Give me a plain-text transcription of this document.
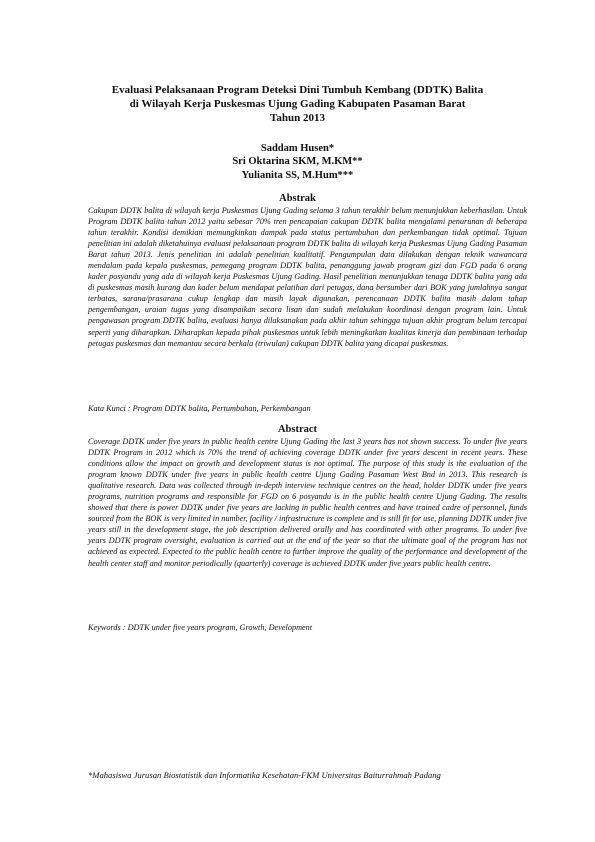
Evaluasi Pelaksanaan Program Deteksi Dini Tumbuh Kembang (DDTK) Balita
di Wilayah Kerja Puskesmas Ujung Gading Kabupaten Pasaman Barat
Tahun 2013
Saddam Husen*
Sri Oktarina SKM, M.KM**
Yulianita SS, M.Hum***
Abstrak

Cakupan DDTK balita di wilayah kerja Puskesmas Ujung Gading selama 3 tahun terakhir belum menunjukkan keberhasilan. Untuk Program DDTK balita tahun 2012 yaitu sebesar 70% tren pencapaian cakupan DDTK balita mengalami penurunan di beberapa tahun terakhir. Kondisi demikian memungkinkan dampak pada status pertumbuhan dan perkembangan tidak optimal. Tujuan penelitian ini adalah diketahuinya evaluasi pelaksanaan program DDTK balita di wilayah kerja Puskesmas Ujung Gading Pasaman Barat tahun 2013. Jenis penelitian ini adalah penelitian kualitatif. Pengumpulan data dilakukan dengan teknik wawancara mendalam pada kepala puskesmas, pemegang program DDTK balita, penanggung jawab program gizi dan FGD pada 6 orang kader posyandu yang ada di wilayah kerja Puskesmas Ujung Gading. Hasil penelitian menunjukkan tenaga DDTK balita yang ada di puskesmas masih kurang dan kader belum mendapat pelatihan dari petugas, dana bersumber dari BOK yang jumlahnya sangat terbatas, sarana/prasarana cukup lengkap dan masih layak digunakan, perencanaan DDTK balita masih dalam tahap pengembangan, uraian tugas yang disampaikan secara lisan dan sudah melakukan koordinasi dengan program lain. Untuk pengawasan program DDTK balita, evaluasi hanya dilaksanakan pada akhir tahun sehingga tujuan akhir program belum tercapai seperti yang diharapkan. Diharapkan kepada pihak puskesmas untuk lebih meningkatkan kualitas kinerja dan pembinaan terhadap petugas puskesmas dan memantau secara berkala (triwulan) cakupan DDTK balita yang dicapai puskesmas.

Kata Kunci : Program DDTK balita, Pertumbuhan, Perkembangan

Abstract

Coverage DDTK under five years in public health centre Ujung Gading the last 3 years has not shown success. To under five years DDTK Program in 2012 which is 70% the trend of achieving coverage DDTK under five years descent in recent years. These conditions allow the impact on growth and development status is not optimal. The purpose of this study is the evaluation of the program known DDTK under five years in public health centre Ujung Gading Pasaman West Bnd in 2013. This research is qualitative research. Data was collected through in-depth interview technique centres on the head, holder DDTK under five years programs, nutrition programs and responsible for FGD on 6 posyandu is in the public health centre Ujung Gading. The results showed that there is power DDTK under five years are lacking in public health centres and have trained cadre of personnel, funds sourced from the BOK is very limited in number, facility / infrastructure is complete and is still fit for use, planning DDTK under five years still in the development stage, the job description delivered orally and has coordinated with other programs. To under five years DDTK program oversight, evaluation is carried out at the end of the year so that the ultimate goal of the program has not achieved as expected. Expected to the public health centre to further improve the quality of the performance and development of the health center staff and monitor periodically (quarterly) coverage is achieved DDTK under five years public health centre.

Keywords : DDTK under five years program, Growth, Development

*Mahasiswa Jurusan Biostatistik dan Informatika Kesehatan-FKM Universitas Baiturrahmah Padang
